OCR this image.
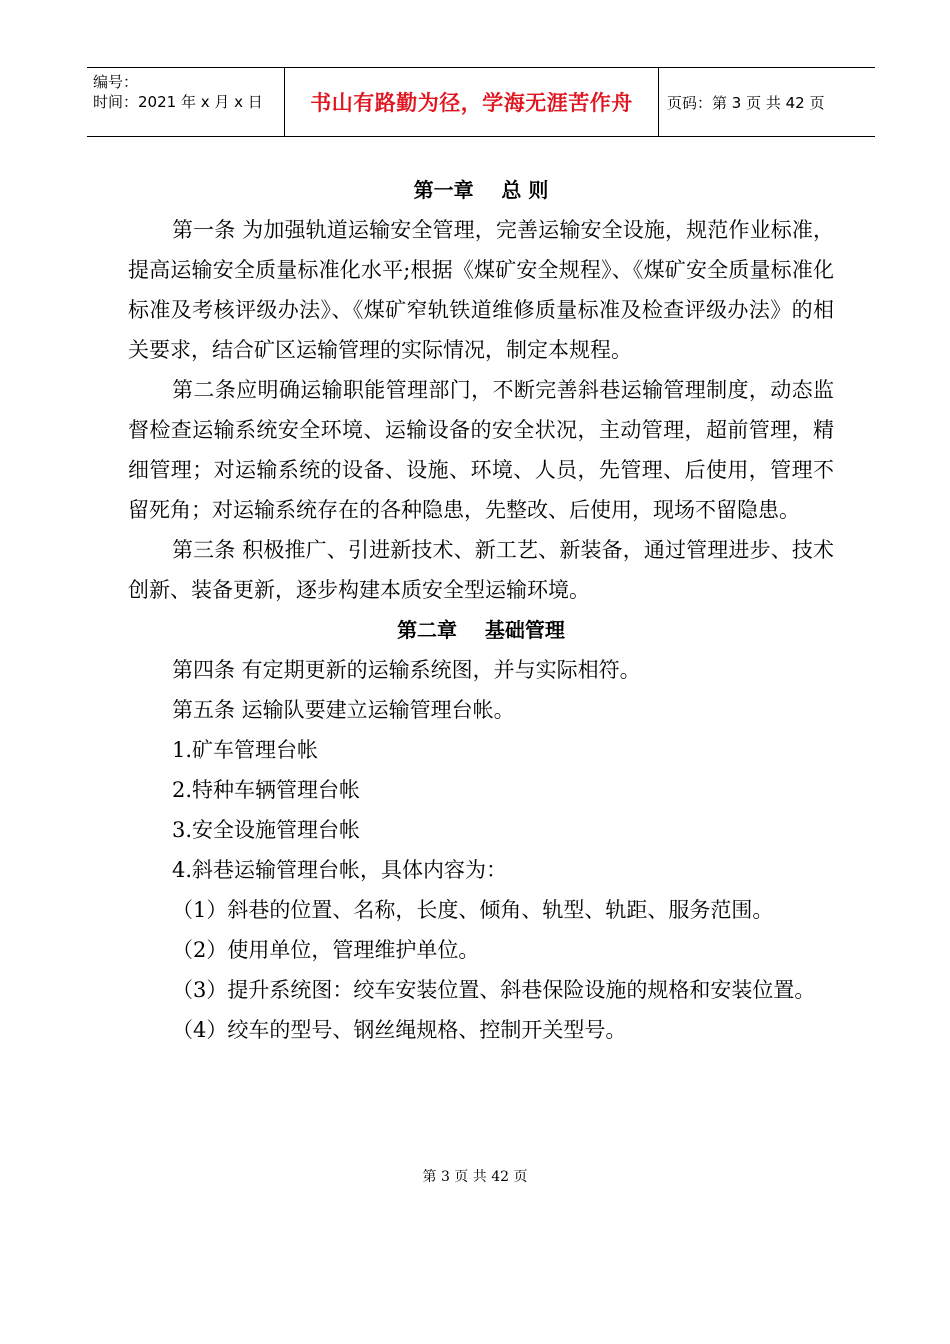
编号：
时间：2021 年 x 月 x 日	书山有路勤为径，学海无涯苦作舟	页码：第 3 页 共 42 页
第一章    总 则

第一条 为加强轨道运输安全管理，完善运输安全设施，规范作业标准，提高运输安全质量标准化水平;根据《煤矿安全规程》、《煤矿安全质量标准化标准及考核评级办法》、《煤矿窄轨铁道维修质量标准及检查评级办法》的相关要求，结合矿区运输管理的实际情况，制定本规程。

第二条应明确运输职能管理部门，不断完善斜巷运输管理制度，动态监督检查运输系统安全环境、运输设备的安全状况，主动管理，超前管理，精细管理；对运输系统的设备、设施、环境、人员，先管理、后使用，管理不留死角；对运输系统存在的各种隐患，先整改、后使用，现场不留隐患。

第三条 积极推广、引进新技术、新工艺、新装备，通过管理进步、技术创新、装备更新，逐步构建本质安全型运输环境。

第二章    基础管理

第四条 有定期更新的运输系统图，并与实际相符。

第五条 运输队要建立运输管理台帐。

1.矿车管理台帐

2.特种车辆管理台帐

3.安全设施管理台帐

4.斜巷运输管理台帐，具体内容为：

（1）斜巷的位置、名称，长度、倾角、轨型、轨距、服务范围。

（2）使用单位，管理维护单位。

（3）提升系统图：绞车安装位置、斜巷保险设施的规格和安装位置。

（4）绞车的型号、钢丝绳规格、控制开关型号。

第 3 页 共 42 页
